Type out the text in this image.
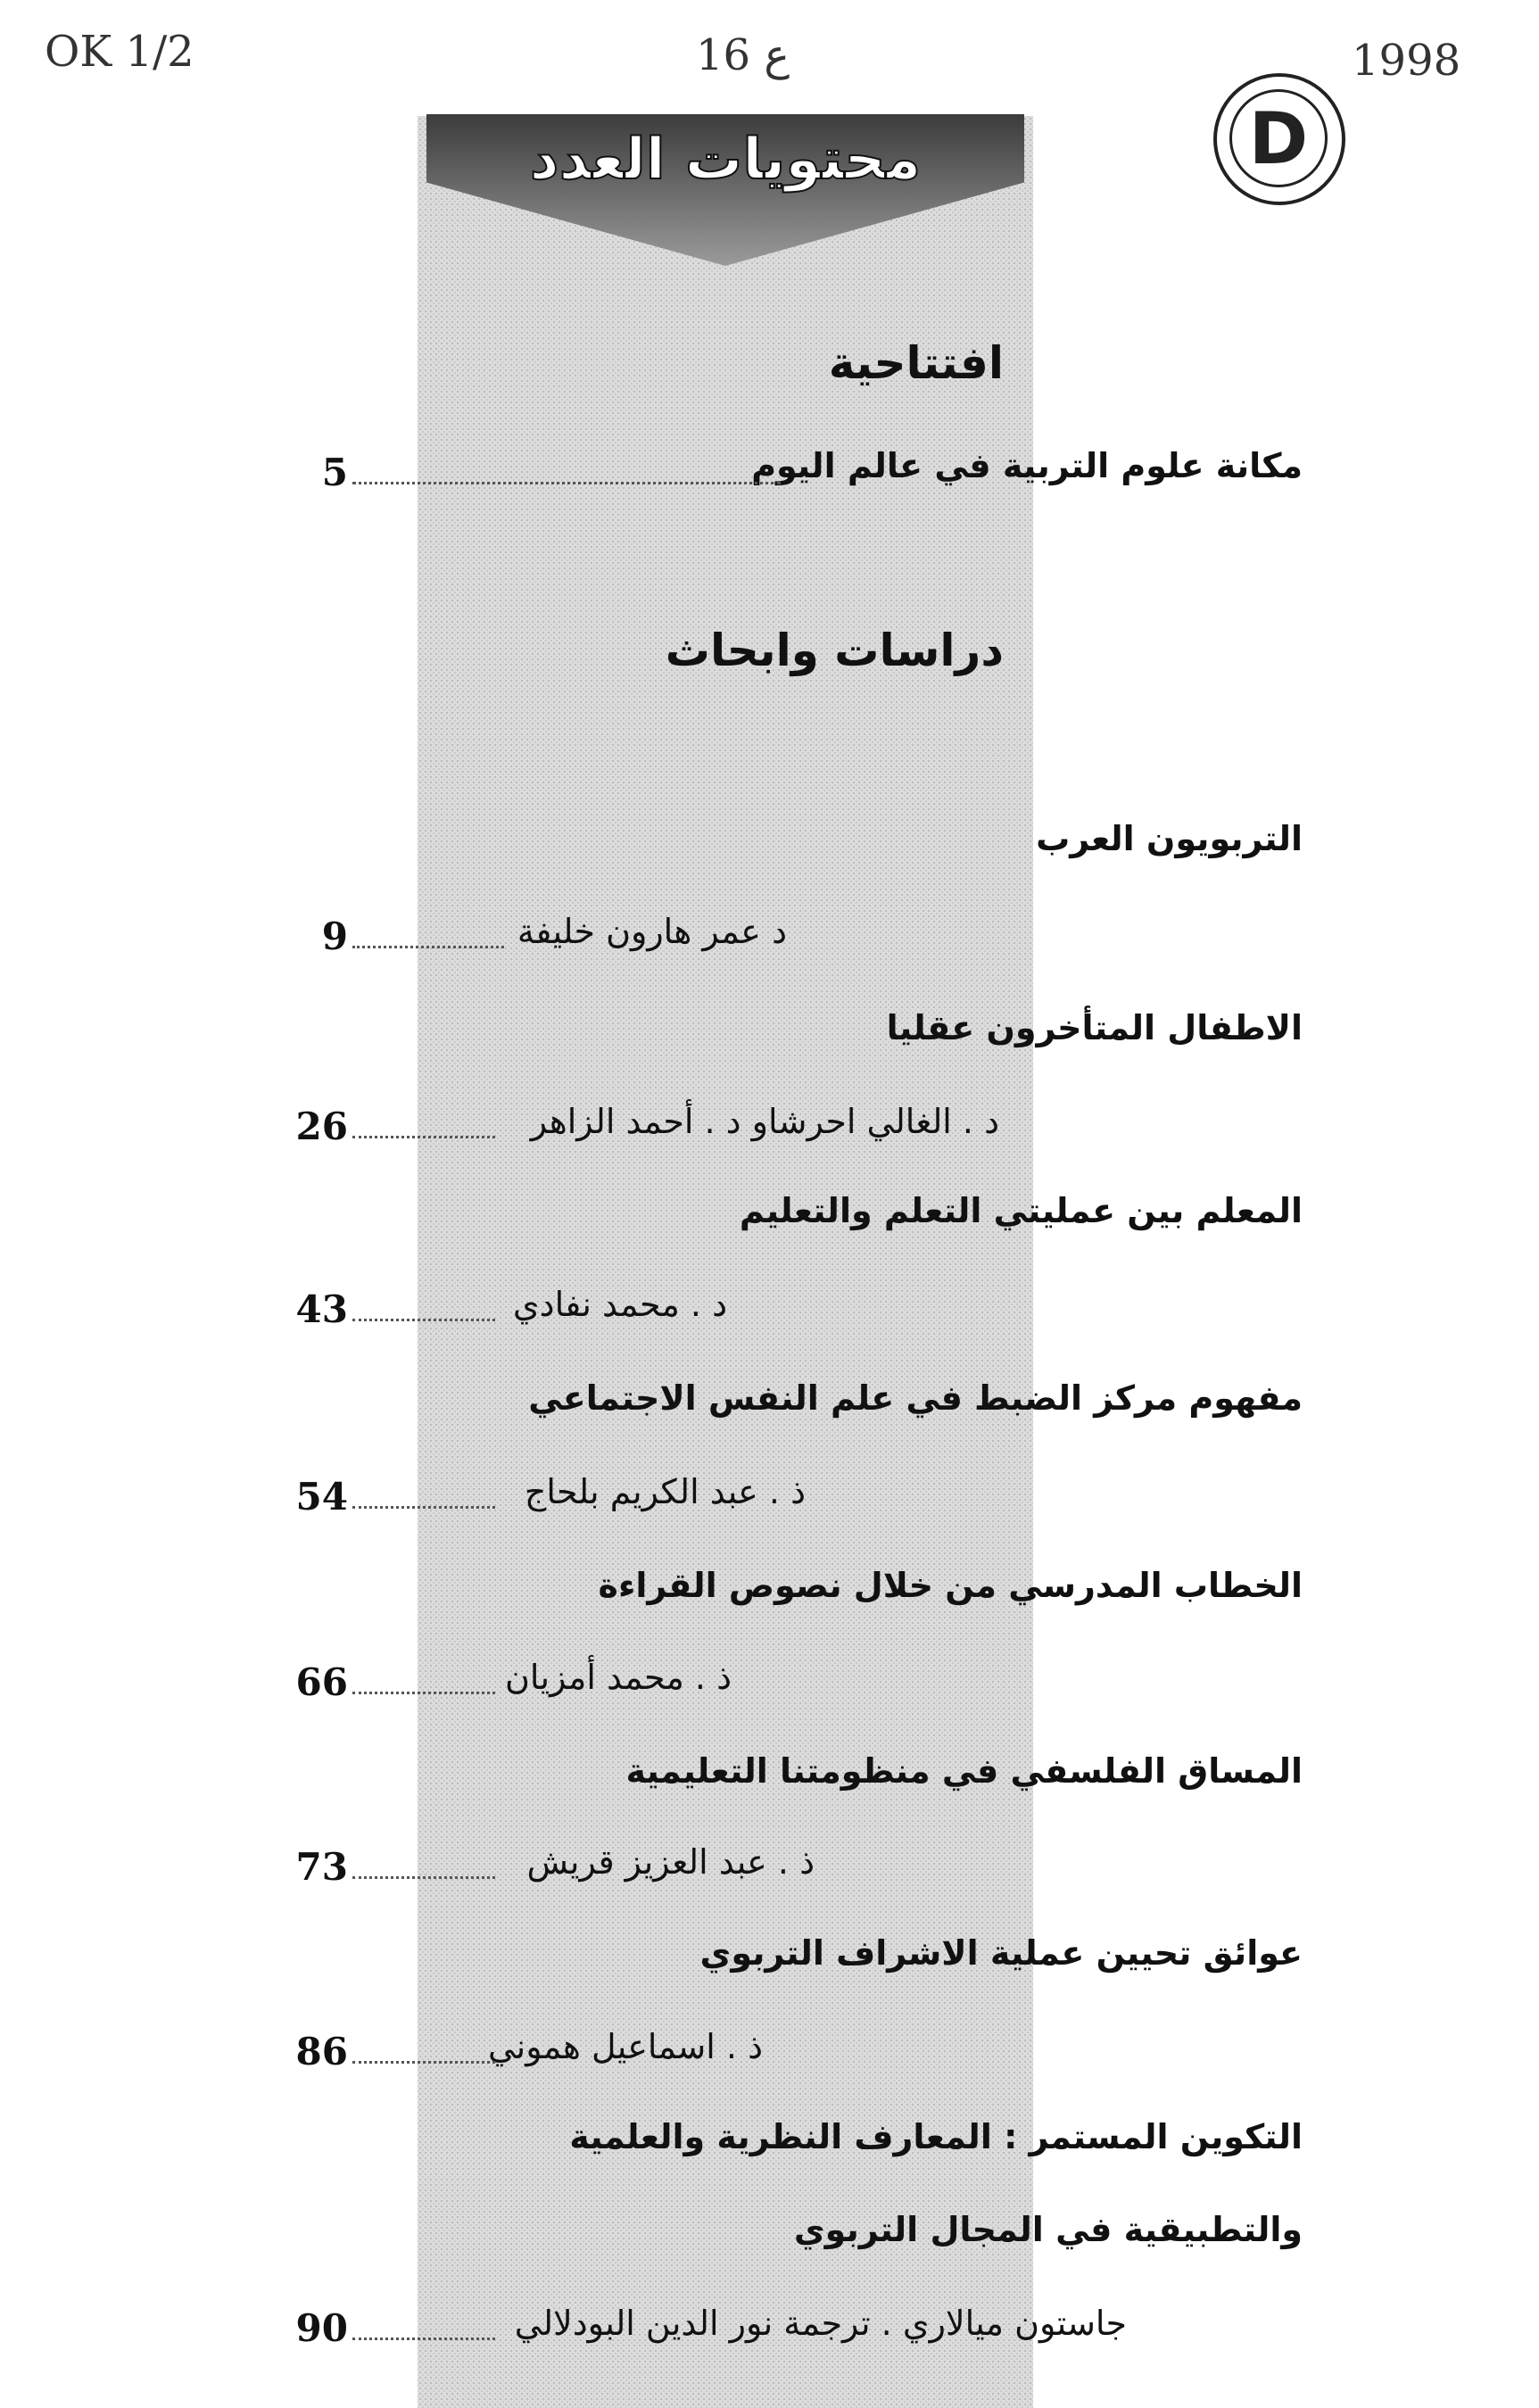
OK 1/2	16 ع	1998
D
محتويات العدد
افتتاحية
مكانة علوم التربية في عالم اليوم
5
دراسات وابحاث
التربويون العرب
د عمر هارون خليفة
9
الاطفال المتأخرون عقليا
د . الغالي احرشاو د . أحمد الزاهر
26
المعلم بين عمليتي التعلم والتعليم
د . محمد نفادي
43
مفهوم مركز الضبط في علم النفس الاجتماعي
ذ . عبد الكريم بلحاج
54
الخطاب المدرسي من خلال نصوص القراءة
ذ . محمد أمزيان
66
المساق الفلسفي في منظومتنا التعليمية
ذ . عبد العزيز قريش
73
عوائق تحيين عملية الاشراف التربوي
ذ . اسماعيل هموني
86
التكوين المستمر : المعارف النظرية والعلمية
والتطبيقية في المجال التربوي
جاستون ميالاري . ترجمة نور الدين البودلالي
90
